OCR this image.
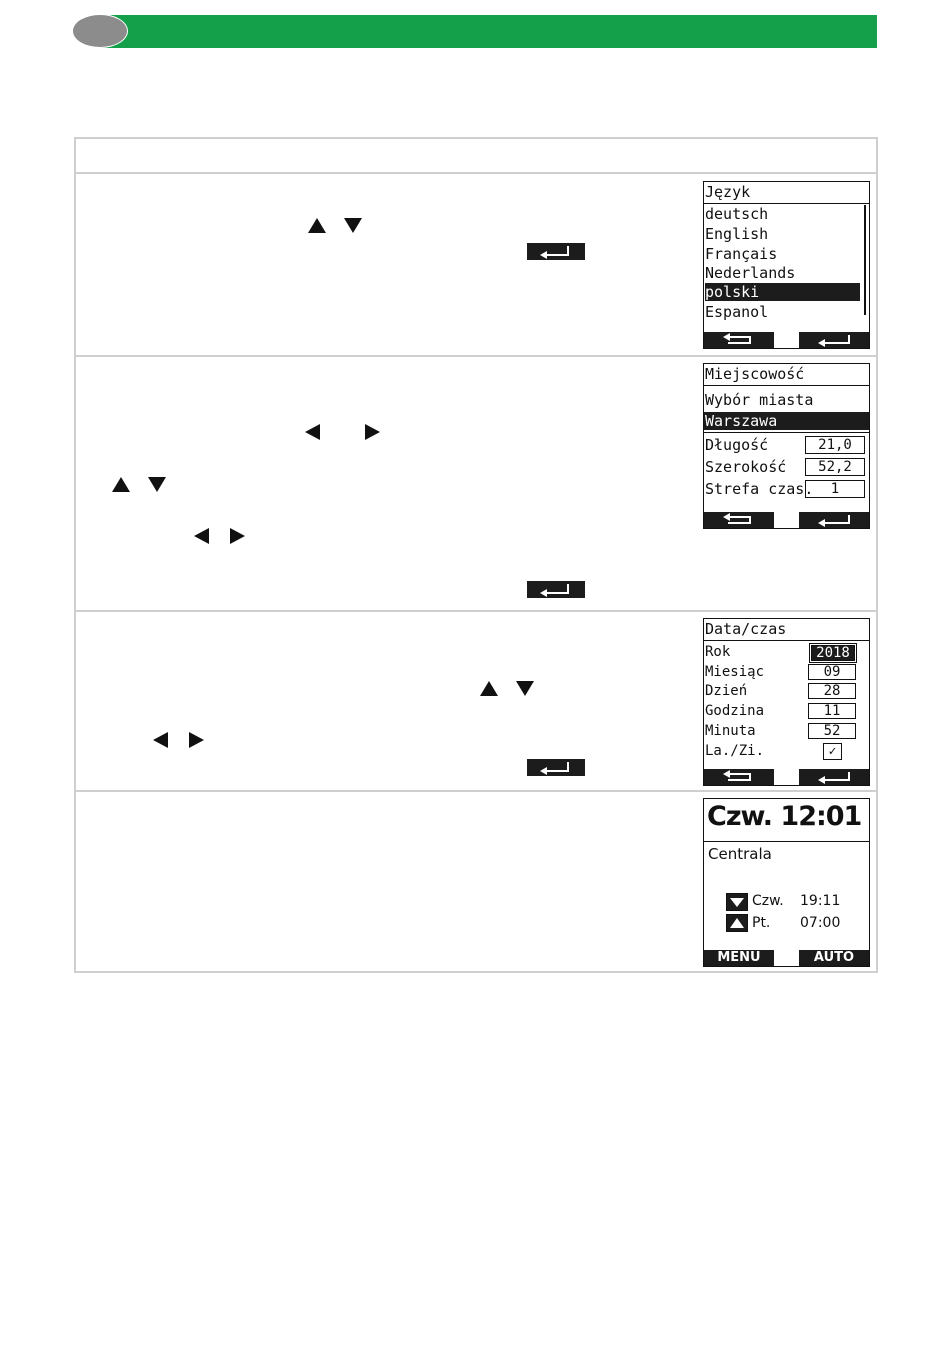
Język
deutsch
English
Français
Nederlands
polski
Espanol
Miejscowość
Wybór miasta
Warszawa
Długość	21,0
Szerokość	52,2
Strefa czas.	1
Data/czas
Rok	2018
Miesiąc	09
Dzień	28
Godzina	11
Minuta	52
La./Zi.	✓
Czw. 12:01
Centrala
Czw. 19:11
Pt. 07:00
MENU	AUTO
